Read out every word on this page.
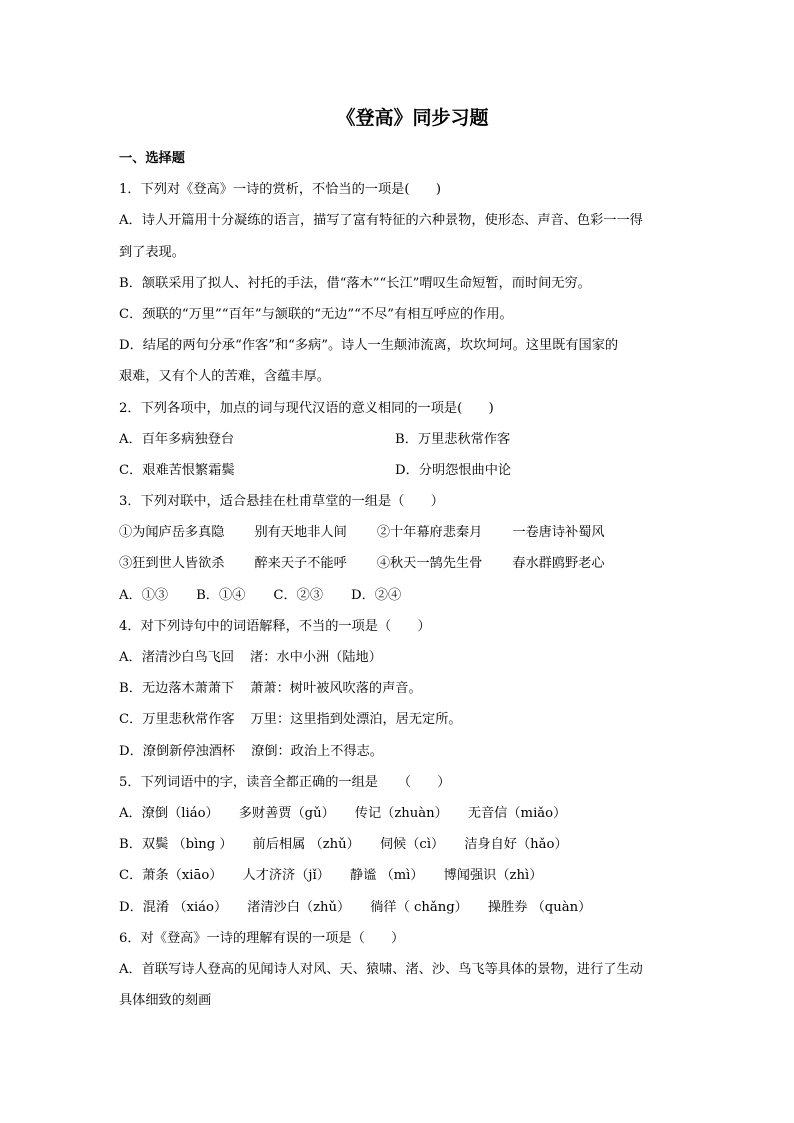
《登高》同步习题
一、选择题
1．下列对《登高》一诗的赏析，不恰当的一项是(　　)
A．诗人开篇用十分凝练的语言，描写了富有特征的六种景物，使形态、声音、色彩一一得
到了表现。
B．颔联采用了拟人、衬托的手法，借“落木”“长江”喟叹生命短暂，而时间无穷。
C．颈联的“万里”“百年”与颔联的“无边”“不尽”有相互呼应的作用。
D．结尾的两句分承“作客”和“多病”。诗人一生颠沛流离，坎坎坷坷。这里既有国家的
艰难，又有个人的苦难，含蕴丰厚。
2．下列各项中，加点的词与现代汉语的意义相同的一项是(　　)
A．百年多病独登台	B．万里悲秋常作客
C．艰难苦恨繁霜鬓	D．分明怨恨曲中论
3．下列对联中，适合悬挂在杜甫草堂的一组是（　　）
①为闻庐岳多真隐 别有天地非人间 ②十年幕府悲秦月 一卷唐诗补蜀风
③狂到世人皆欲杀 醉来天子不能呼 ④秋天一鹄先生骨 春水群鸥野老心
A．①③ B．①④ C．②③ D．②④
4．对下列诗句中的词语解释，不当的一项是（　　）
A．渚清沙白鸟飞回 渚：水中小洲（陆地）
B．无边落木萧萧下 萧萧：树叶被风吹落的声音。
C．万里悲秋常作客 万里：这里指到处漂泊，居无定所。
D．潦倒新停浊酒杯 潦倒：政治上不得志。
5．下列词语中的字，读音全都正确的一组是　　（　　）
A．潦倒（liáo） 多财善贾（gǔ） 传记（zhuàn） 无音信（miǎo）
B．双鬓 （bìng ） 前后相属 （zhǔ） 伺候（cì） 洁身自好（hǎo）
C．萧条（xiāo） 人才济济（jǐ） 静谧 （mì） 博闻强识（zhì）
D．混淆 （xiáo） 渚清沙白（zhǔ） 徜徉（ chǎng） 操胜券 （quàn）
6．对《登高》一诗的理解有误的一项是（　　）
A．首联写诗人登高的见闻诗人对风、天、猿啸、渚、沙、鸟飞等具体的景物，进行了生动
具体细致的刻画
